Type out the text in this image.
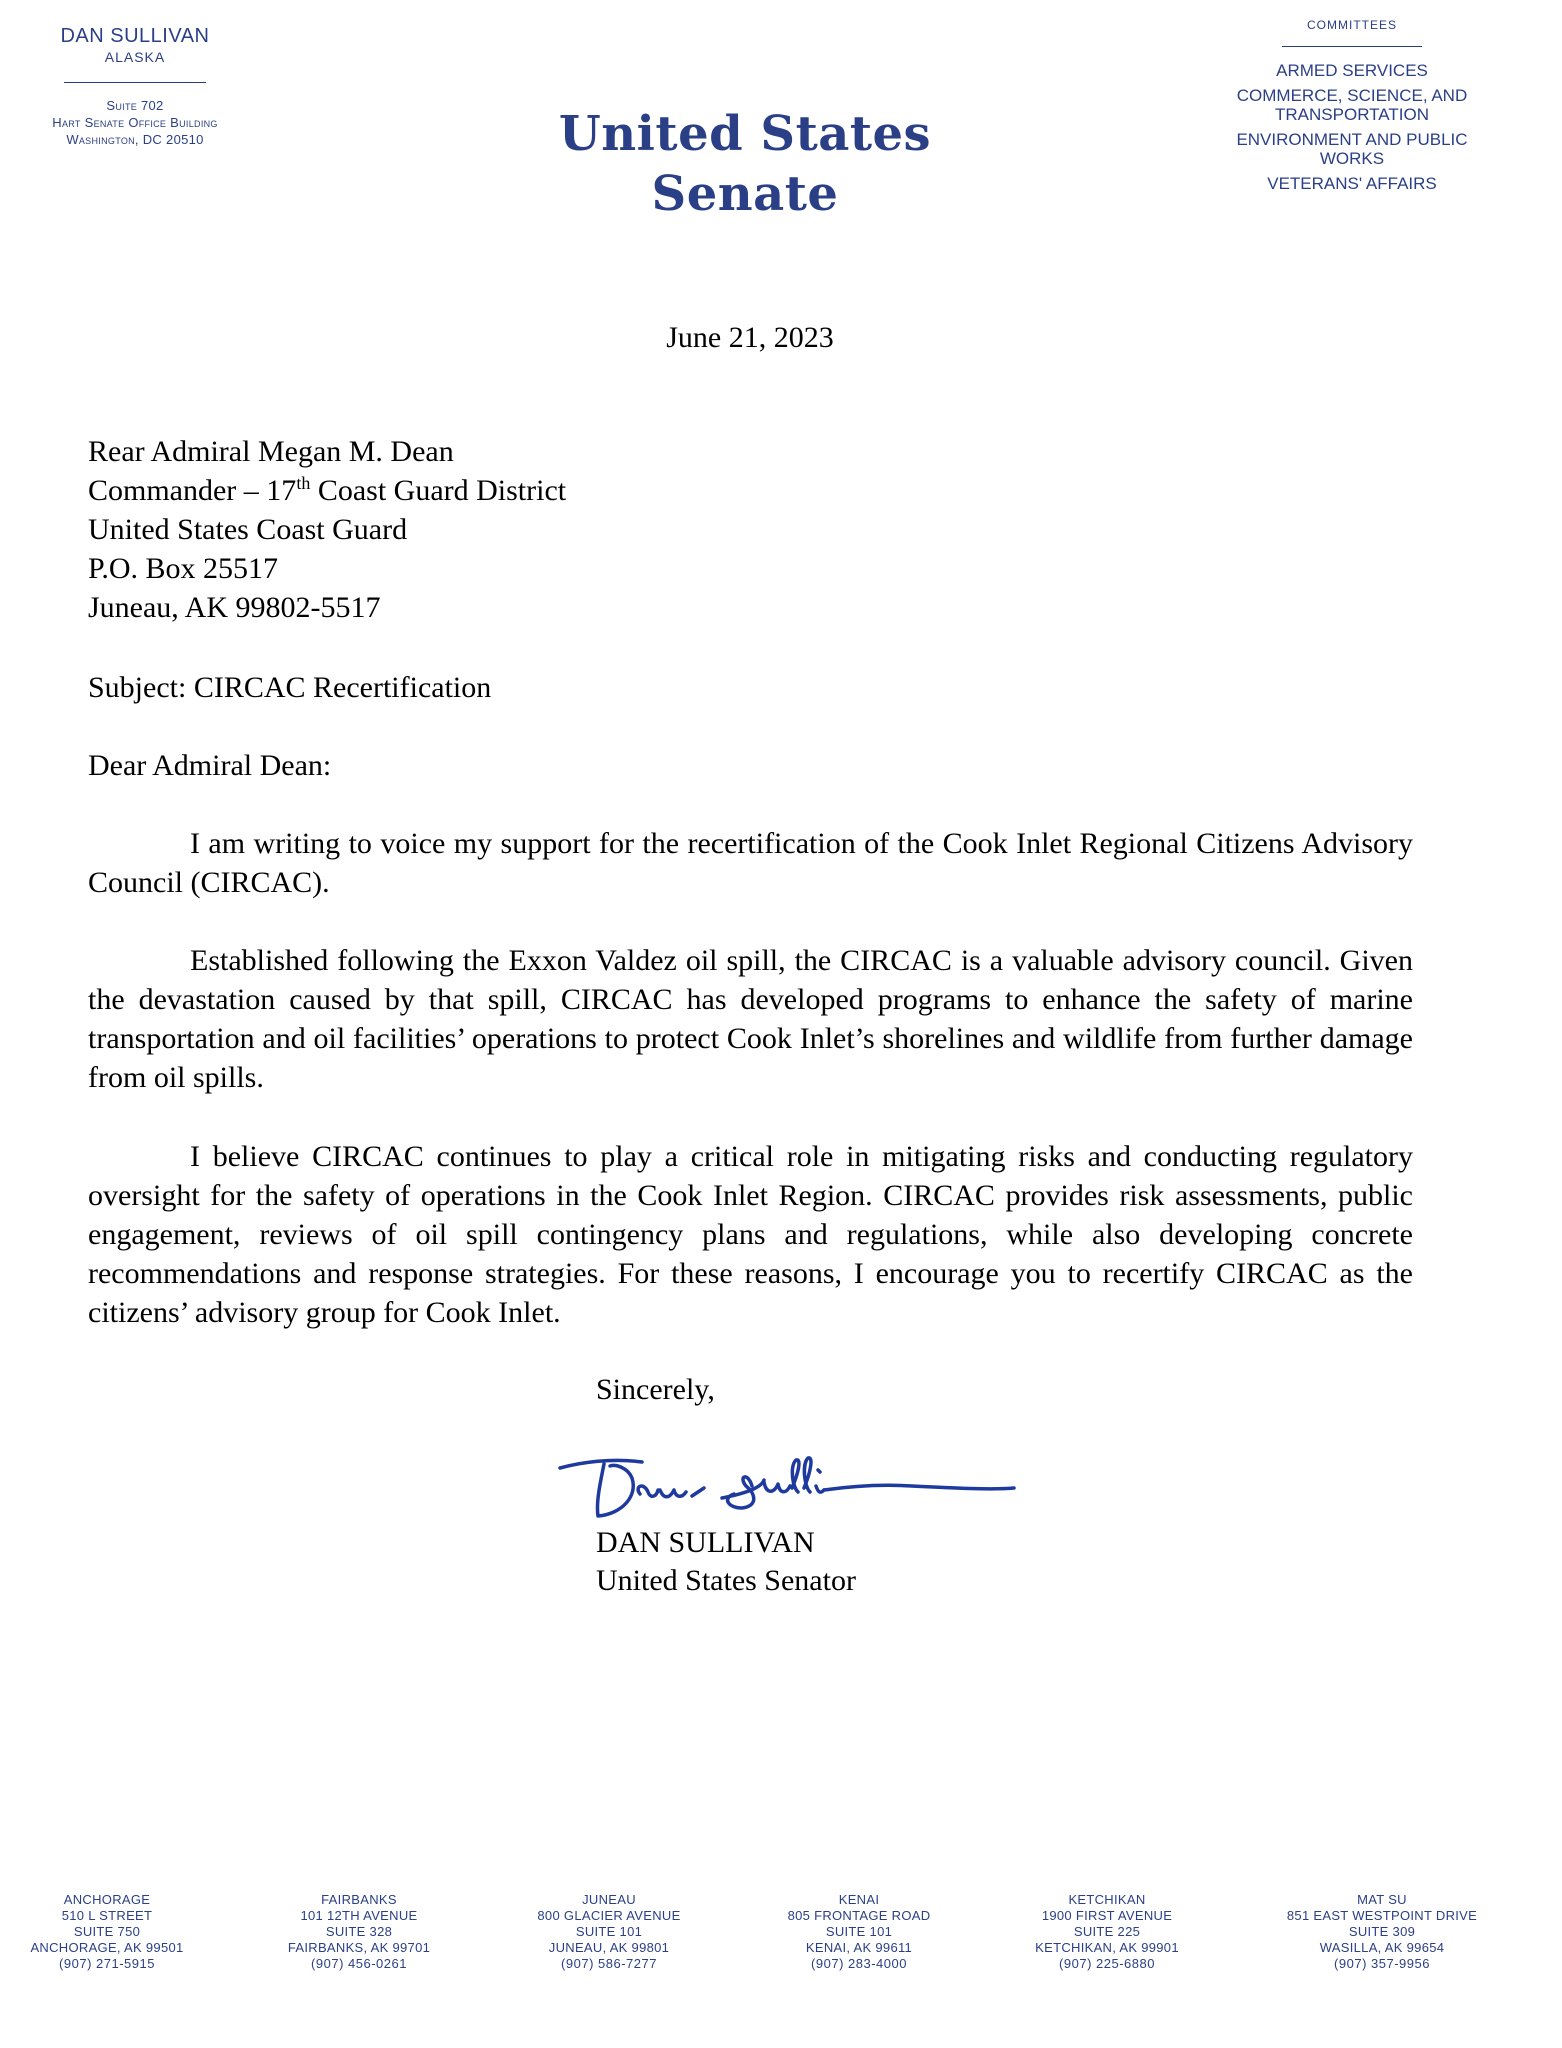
DAN SULLIVAN
ALASKA
Suite 702
Hart Senate Office Building
Washington, DC 20510	United States Senate
COMMITTEES
ARMED SERVICES
COMMERCE, SCIENCE, AND TRANSPORTATION
ENVIRONMENT AND PUBLIC WORKS
VETERANS' AFFAIRS
June 21, 2023
Rear Admiral Megan M. Dean
Commander – 17th Coast Guard District
United States Coast Guard
P.O. Box 25517
Juneau, AK 99802-5517
Subject: CIRCAC Recertification
Dear Admiral Dean:

I am writing to voice my support for the recertification of the Cook Inlet Regional Citizens Advisory Council (CIRCAC).

Established following the Exxon Valdez oil spill, the CIRCAC is a valuable advisory council. Given the devastation caused by that spill, CIRCAC has developed programs to enhance the safety of marine transportation and oil facilities’ operations to protect Cook Inlet’s shorelines and wildlife from further damage from oil spills.

I believe CIRCAC continues to play a critical role in mitigating risks and conducting regulatory oversight for the safety of operations in the Cook Inlet Region. CIRCAC provides risk assessments, public engagement, reviews of oil spill contingency plans and regulations, while also developing concrete recommendations and response strategies. For these reasons, I encourage you to recertify CIRCAC as the citizens’ advisory group for Cook Inlet.

Sincerely,
DAN SULLIVAN
United States Senator
ANCHORAGE
510 L STREET
SUITE 750
ANCHORAGE, AK 99501
(907) 271-5915
FAIRBANKS
101 12TH AVENUE
SUITE 328
FAIRBANKS, AK 99701
(907) 456-0261
JUNEAU
800 GLACIER AVENUE
SUITE 101
JUNEAU, AK 99801
(907) 586-7277
KENAI
805 FRONTAGE ROAD
SUITE 101
KENAI, AK 99611
(907) 283-4000
KETCHIKAN
1900 FIRST AVENUE
SUITE 225
KETCHIKAN, AK 99901
(907) 225-6880
MAT SU
851 EAST WESTPOINT DRIVE
SUITE 309
WASILLA, AK 99654
(907) 357-9956
